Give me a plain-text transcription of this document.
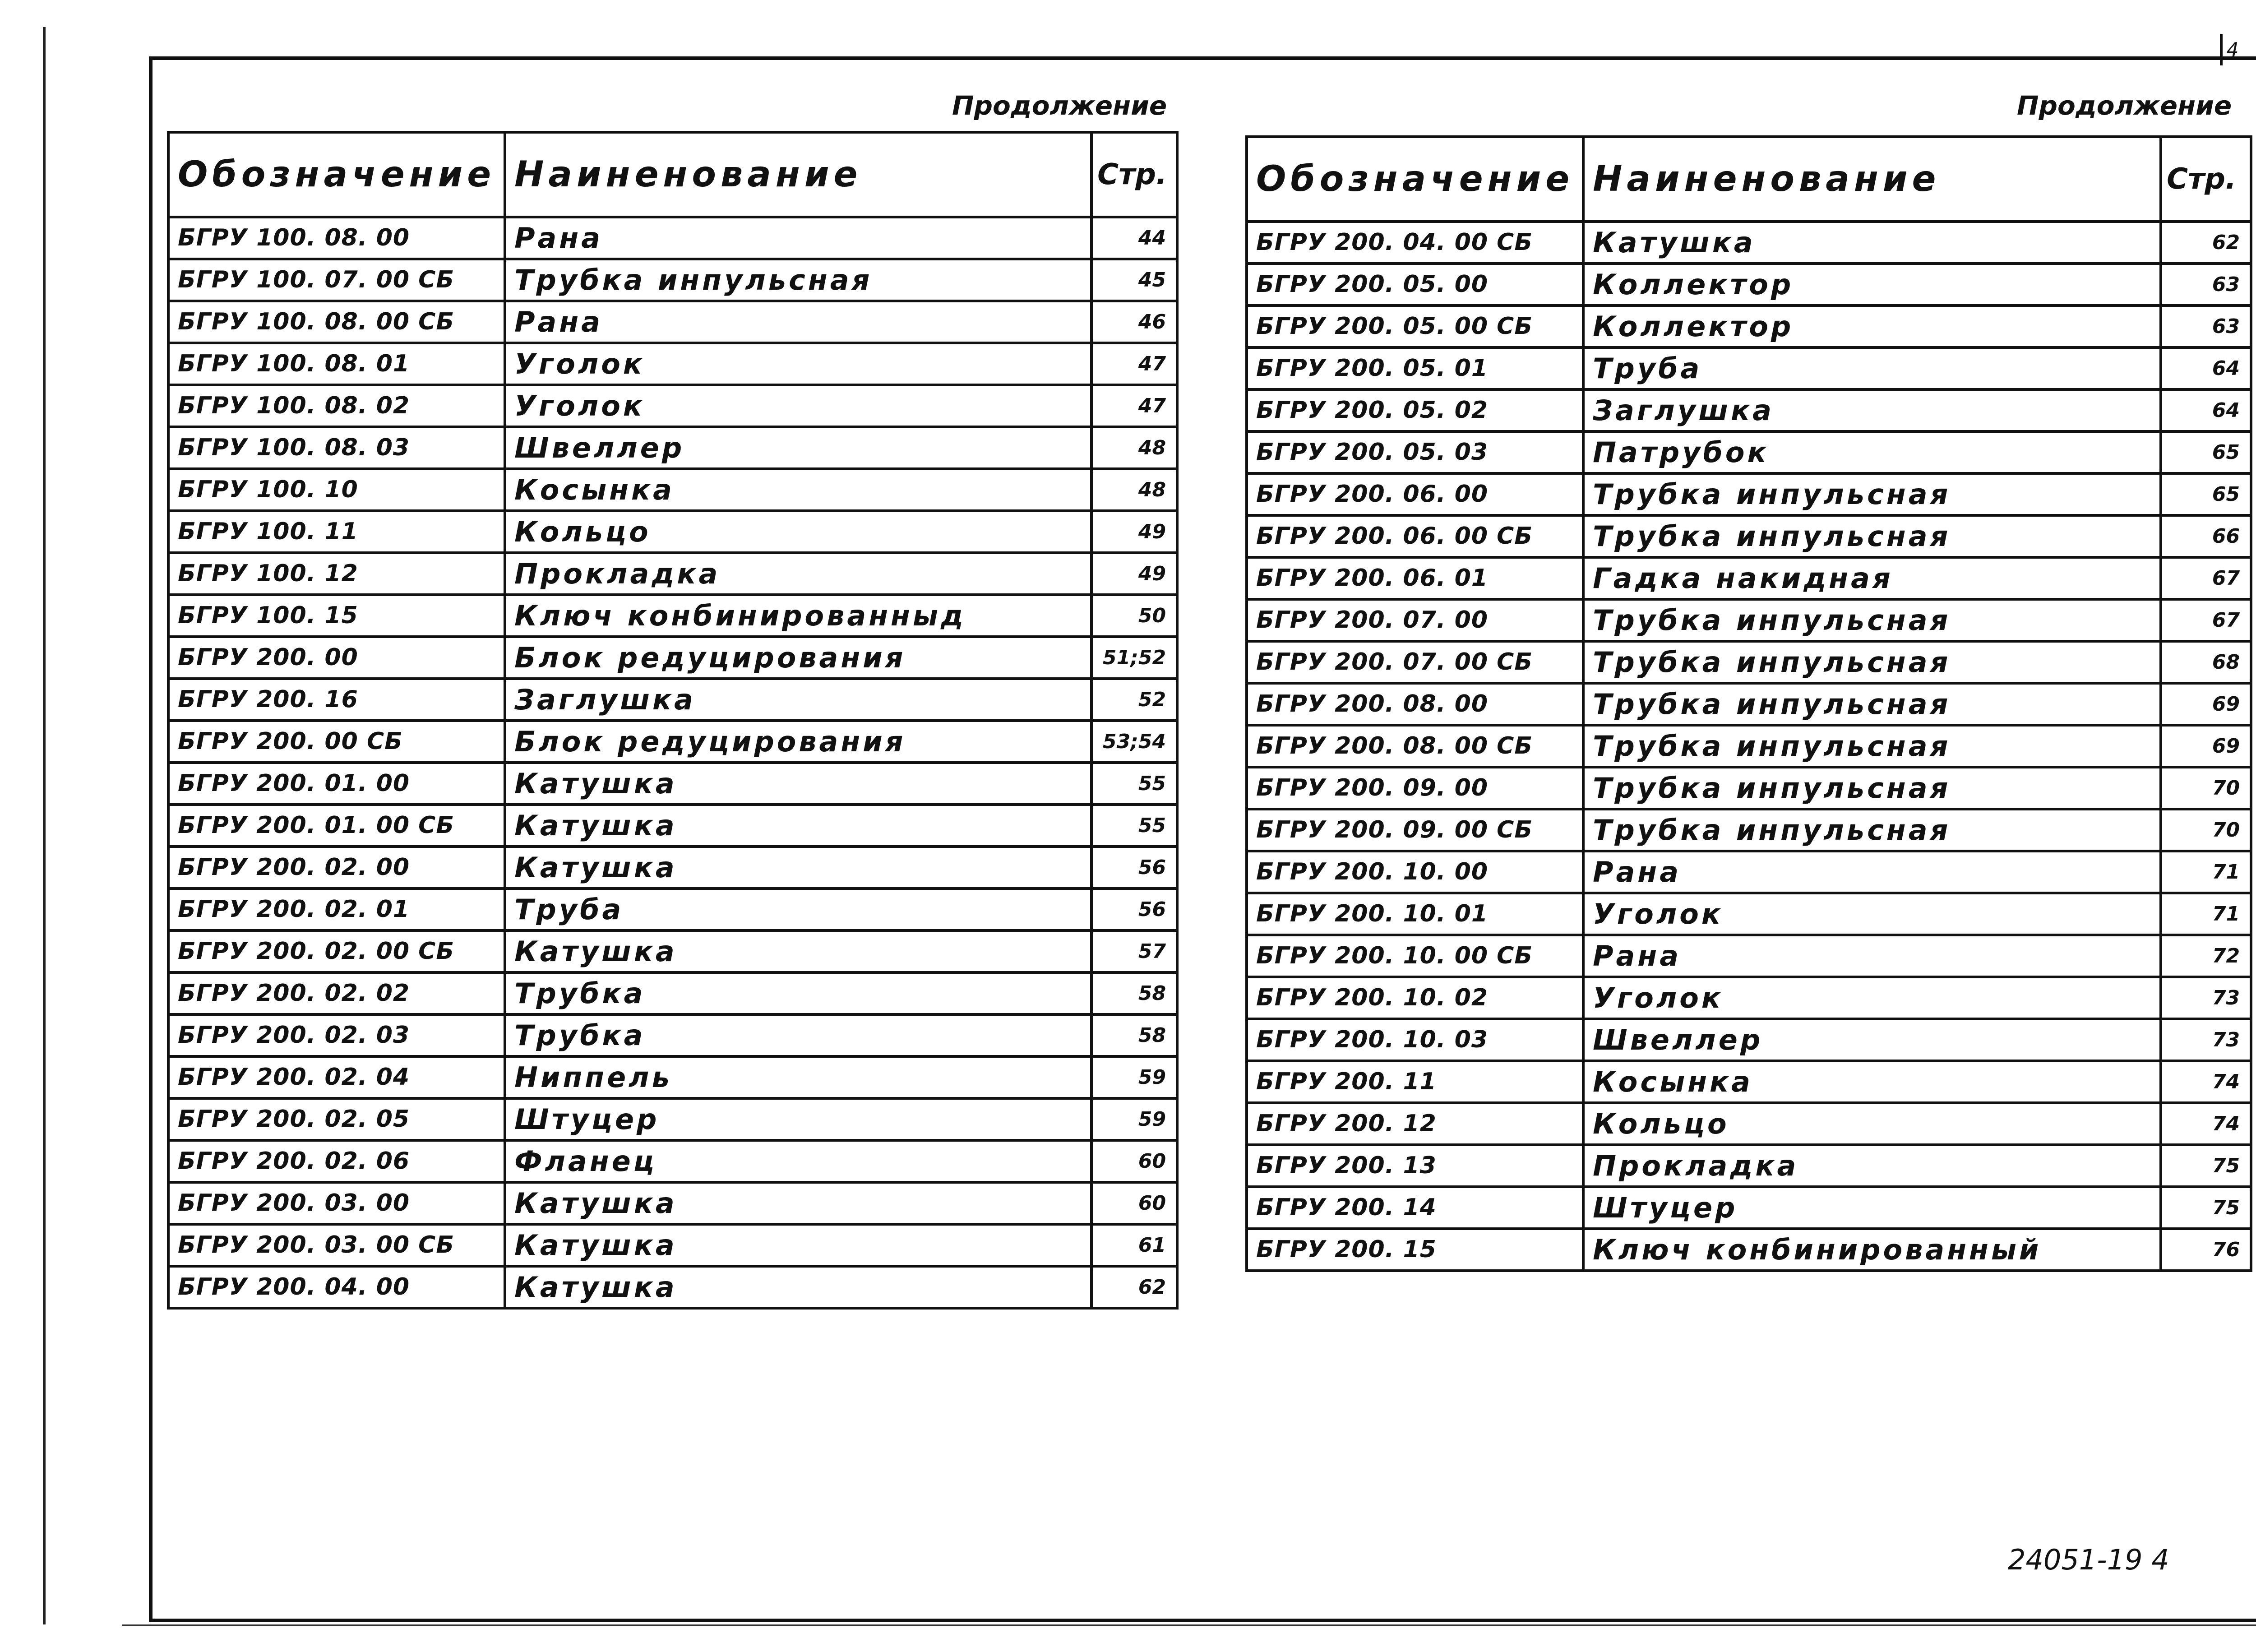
4
Продолжение	Продолжение
Обозначение	Наиненование	Стр.
БГРУ 100. 08. 00	Рана	44
БГРУ 100. 07. 00 СБ	Трубка инпульсная	45
БГРУ 100. 08. 00 СБ	Рана	46
БГРУ 100. 08. 01	Уголок	47
БГРУ 100. 08. 02	Уголок	47
БГРУ 100. 08. 03	Швеллер	48
БГРУ 100. 10	Косынка	48
БГРУ 100. 11	Кольцо	49
БГРУ 100. 12	Прокладка	49
БГРУ 100. 15	Ключ конбинированныд	50
БГРУ 200. 00	Блок редуцирования	51;52
БГРУ 200. 16	Заглушка	52
БГРУ 200. 00 СБ	Блок редуцирования	53;54
БГРУ 200. 01. 00	Катушка	55
БГРУ 200. 01. 00 СБ	Катушка	55
БГРУ 200. 02. 00	Катушка	56
БГРУ 200. 02. 01	Труба	56
БГРУ 200. 02. 00 СБ	Катушка	57
БГРУ 200. 02. 02	Трубка	58
БГРУ 200. 02. 03	Трубка	58
БГРУ 200. 02. 04	Ниппель	59
БГРУ 200. 02. 05	Штуцер	59
БГРУ 200. 02. 06	Фланец	60
БГРУ 200. 03. 00	Катушка	60
БГРУ 200. 03. 00 СБ	Катушка	61
БГРУ 200. 04. 00	Катушка	62
Обозначение	Наиненование	Стр.
БГРУ 200. 04. 00 СБ	Катушка	62
БГРУ 200. 05. 00	Коллектор	63
БГРУ 200. 05. 00 СБ	Коллектор	63
БГРУ 200. 05. 01	Труба	64
БГРУ 200. 05. 02	Заглушка	64
БГРУ 200. 05. 03	Патрубок	65
БГРУ 200. 06. 00	Трубка инпульсная	65
БГРУ 200. 06. 00 СБ	Трубка инпульсная	66
БГРУ 200. 06. 01	Гадка накидная	67
БГРУ 200. 07. 00	Трубка инпульсная	67
БГРУ 200. 07. 00 СБ	Трубка инпульсная	68
БГРУ 200. 08. 00	Трубка инпульсная	69
БГРУ 200. 08. 00 СБ	Трубка инпульсная	69
БГРУ 200. 09. 00	Трубка инпульсная	70
БГРУ 200. 09. 00 СБ	Трубка инпульсная	70
БГРУ 200. 10. 00	Рана	71
БГРУ 200. 10. 01	Уголок	71
БГРУ 200. 10. 00 СБ	Рана	72
БГРУ 200. 10. 02	Уголок	73
БГРУ 200. 10. 03	Швеллер	73
БГРУ 200. 11	Косынка	74
БГРУ 200. 12	Кольцо	74
БГРУ 200. 13	Прокладка	75
БГРУ 200. 14	Штуцер	75
БГРУ 200. 15	Ключ конбинированный	76
24051-19 4
